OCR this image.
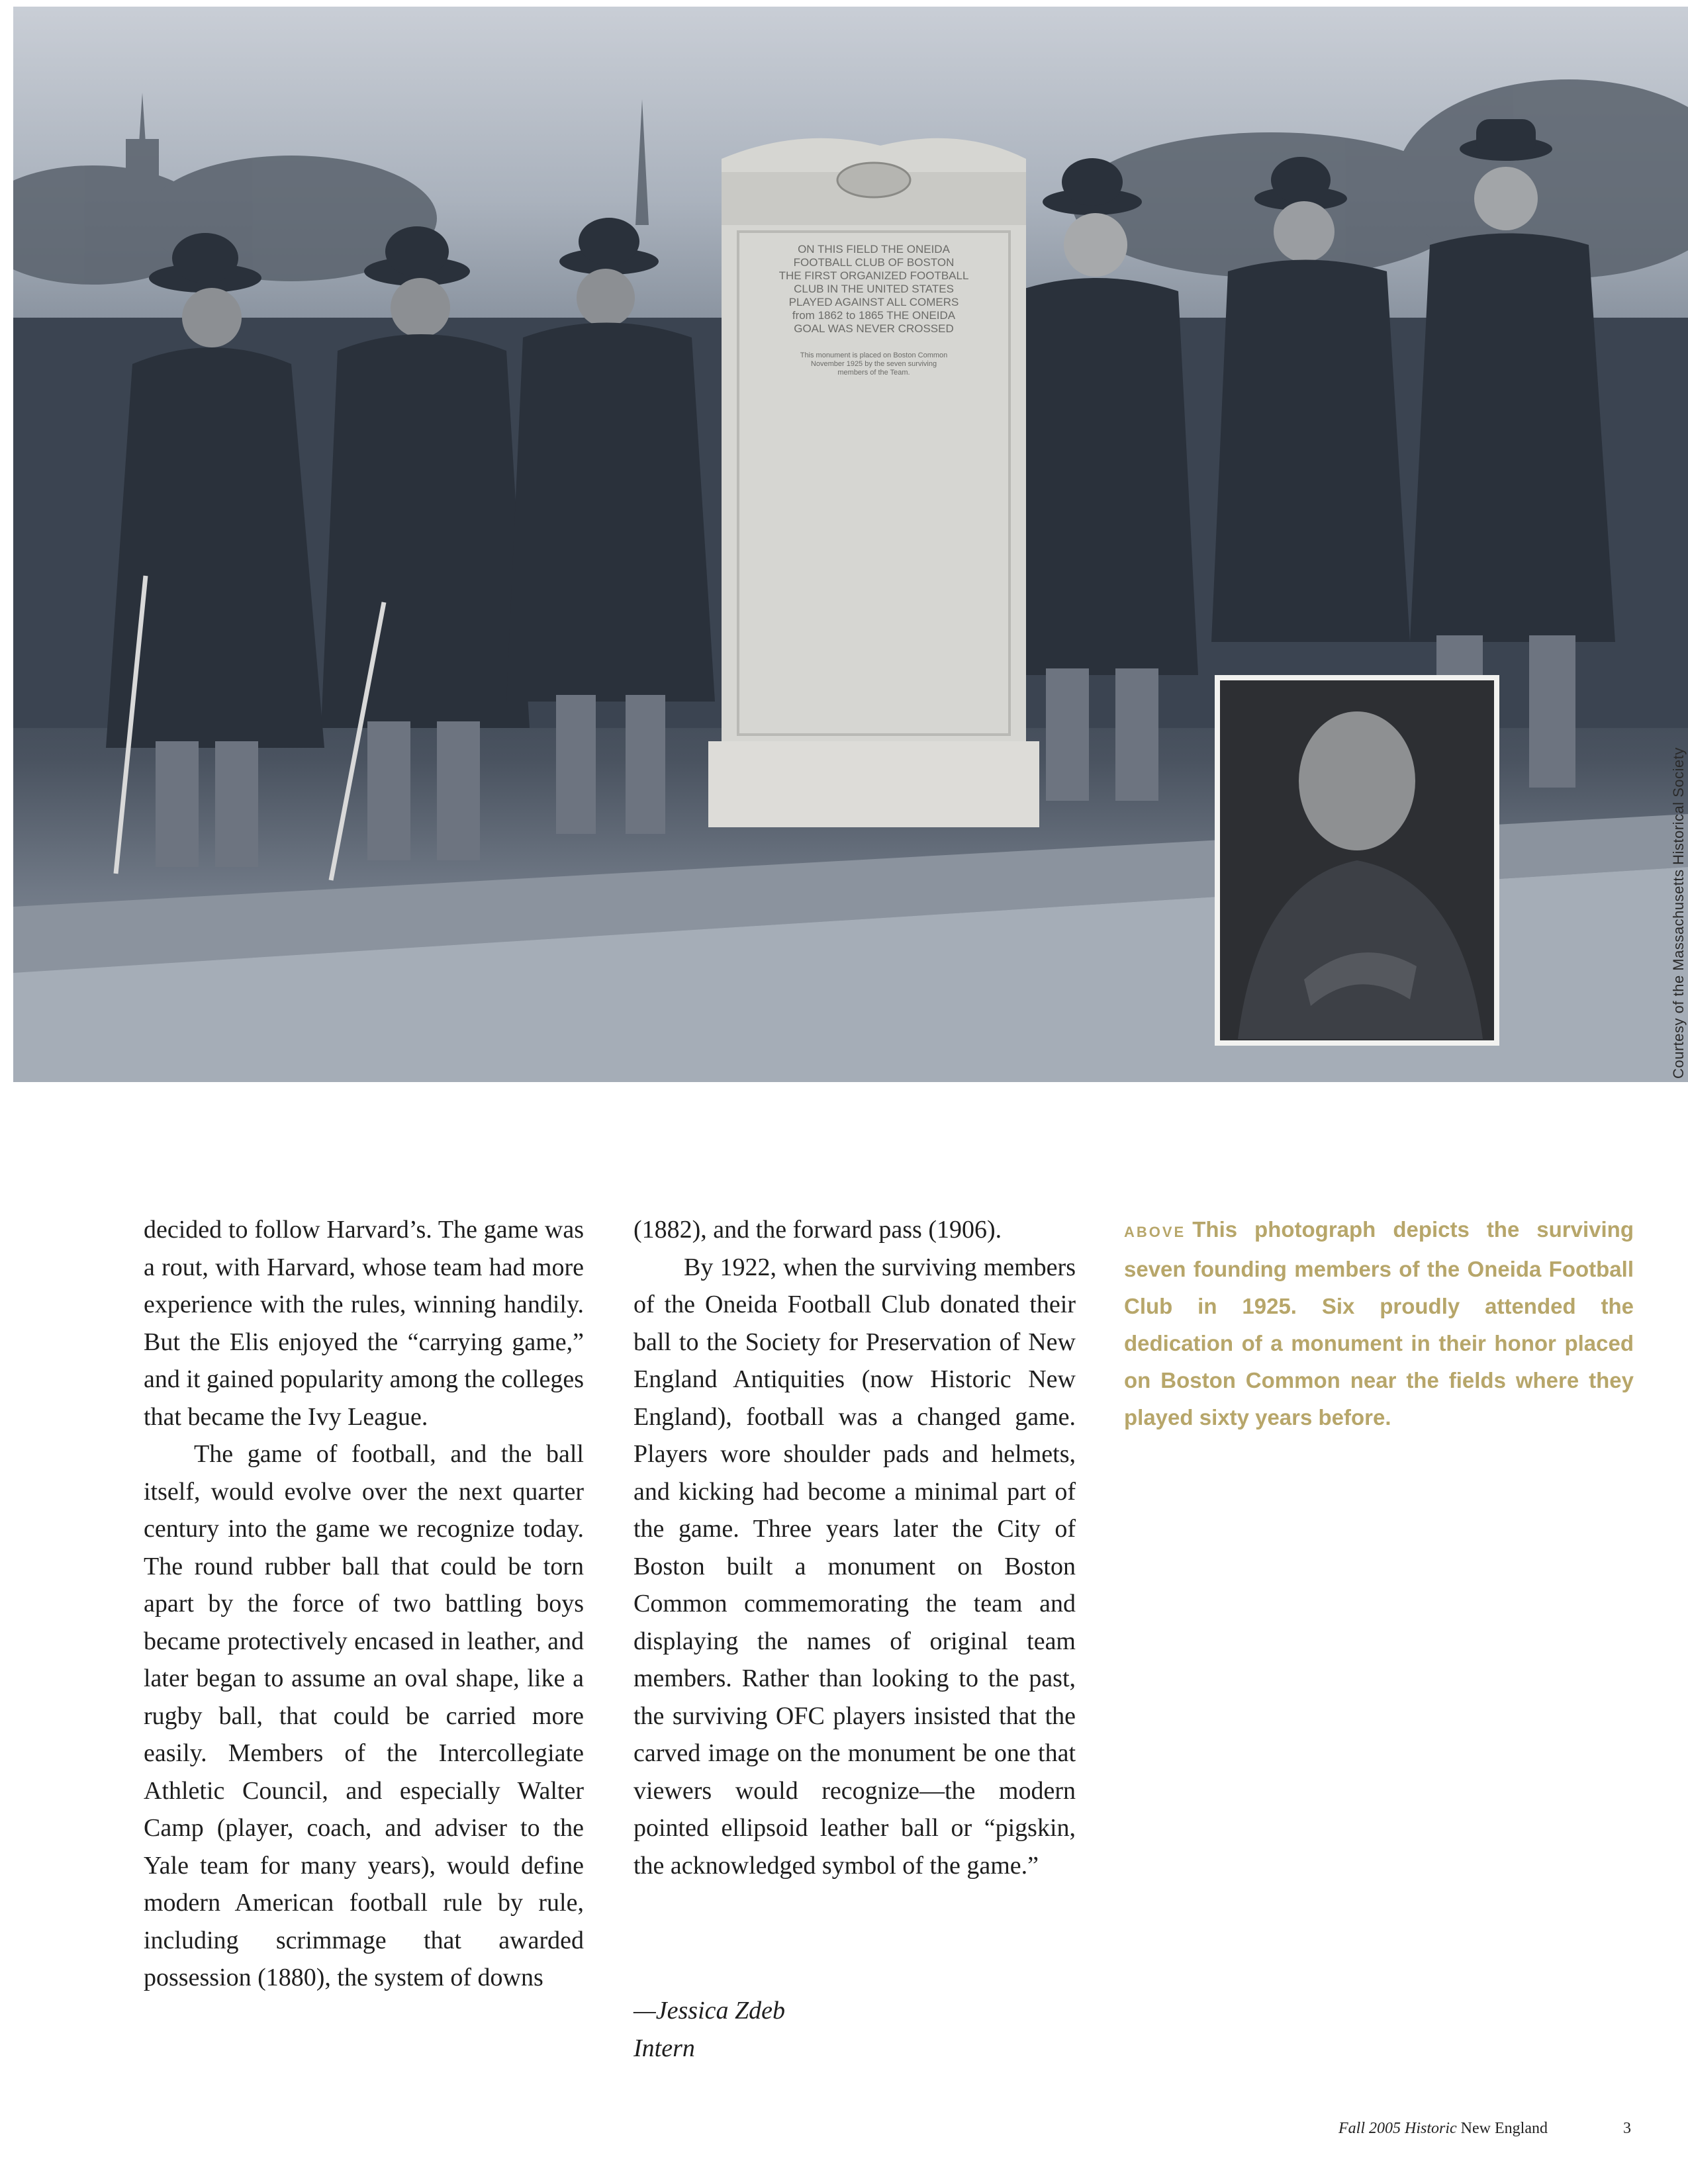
ON THIS FIELD THE ONEIDA
FOOTBALL CLUB OF BOSTON
THE FIRST ORGANIZED FOOTBALL
CLUB IN THE UNITED STATES
PLAYED AGAINST ALL COMERS
from 1862 to 1865 THE ONEIDA
GOAL WAS NEVER CROSSED
This monument is placed on Boston Common
November 1925 by the seven surviving
members of the Team.
Courtesy of the Massachusetts Historical Society

decided to follow Harvard’s. The game was a rout, with Harvard, whose team had more experience with the rules, winning handily. But the Elis enjoyed the “carrying game,” and it gained popularity among the colleges that became the Ivy League.

The game of football, and the ball itself, would evolve over the next quarter century into the game we recognize today. The round rubber ball that could be torn apart by the force of two battling boys became protectively encased in leather, and later began to assume an oval shape, like a rugby ball, that could be carried more easily. Members of the Intercollegiate Athletic Council, and especially Walter Camp (player, coach, and adviser to the Yale team for many years), would define modern American football rule by rule, including scrimmage that awarded possession (1880), the system of downs

(1882), and the forward pass (1906).

By 1922, when the surviving members of the Oneida Football Club donated their ball to the Society for Preservation of New England Antiquities (now Historic New England), football was a changed game. Players wore shoulder pads and helmets, and kicking had become a minimal part of the game. Three years later the City of Boston built a monument on Boston Common commemorating the team and displaying the names of original team members. Rather than looking to the past, the surviving OFC players insisted that the carved image on the monument be one that viewers would recognize—the modern pointed ellipsoid leather ball or “pigskin, the acknowledged symbol of the game.”

—Jessica Zdeb
Intern
ABOVE This photograph depicts the surviving seven founding members of the Oneida Football Club in 1925. Six proudly attended the dedication of a monument in their honor placed on Boston Common near the fields where they played sixty years before.
Fall 2005 Historic New England	3
